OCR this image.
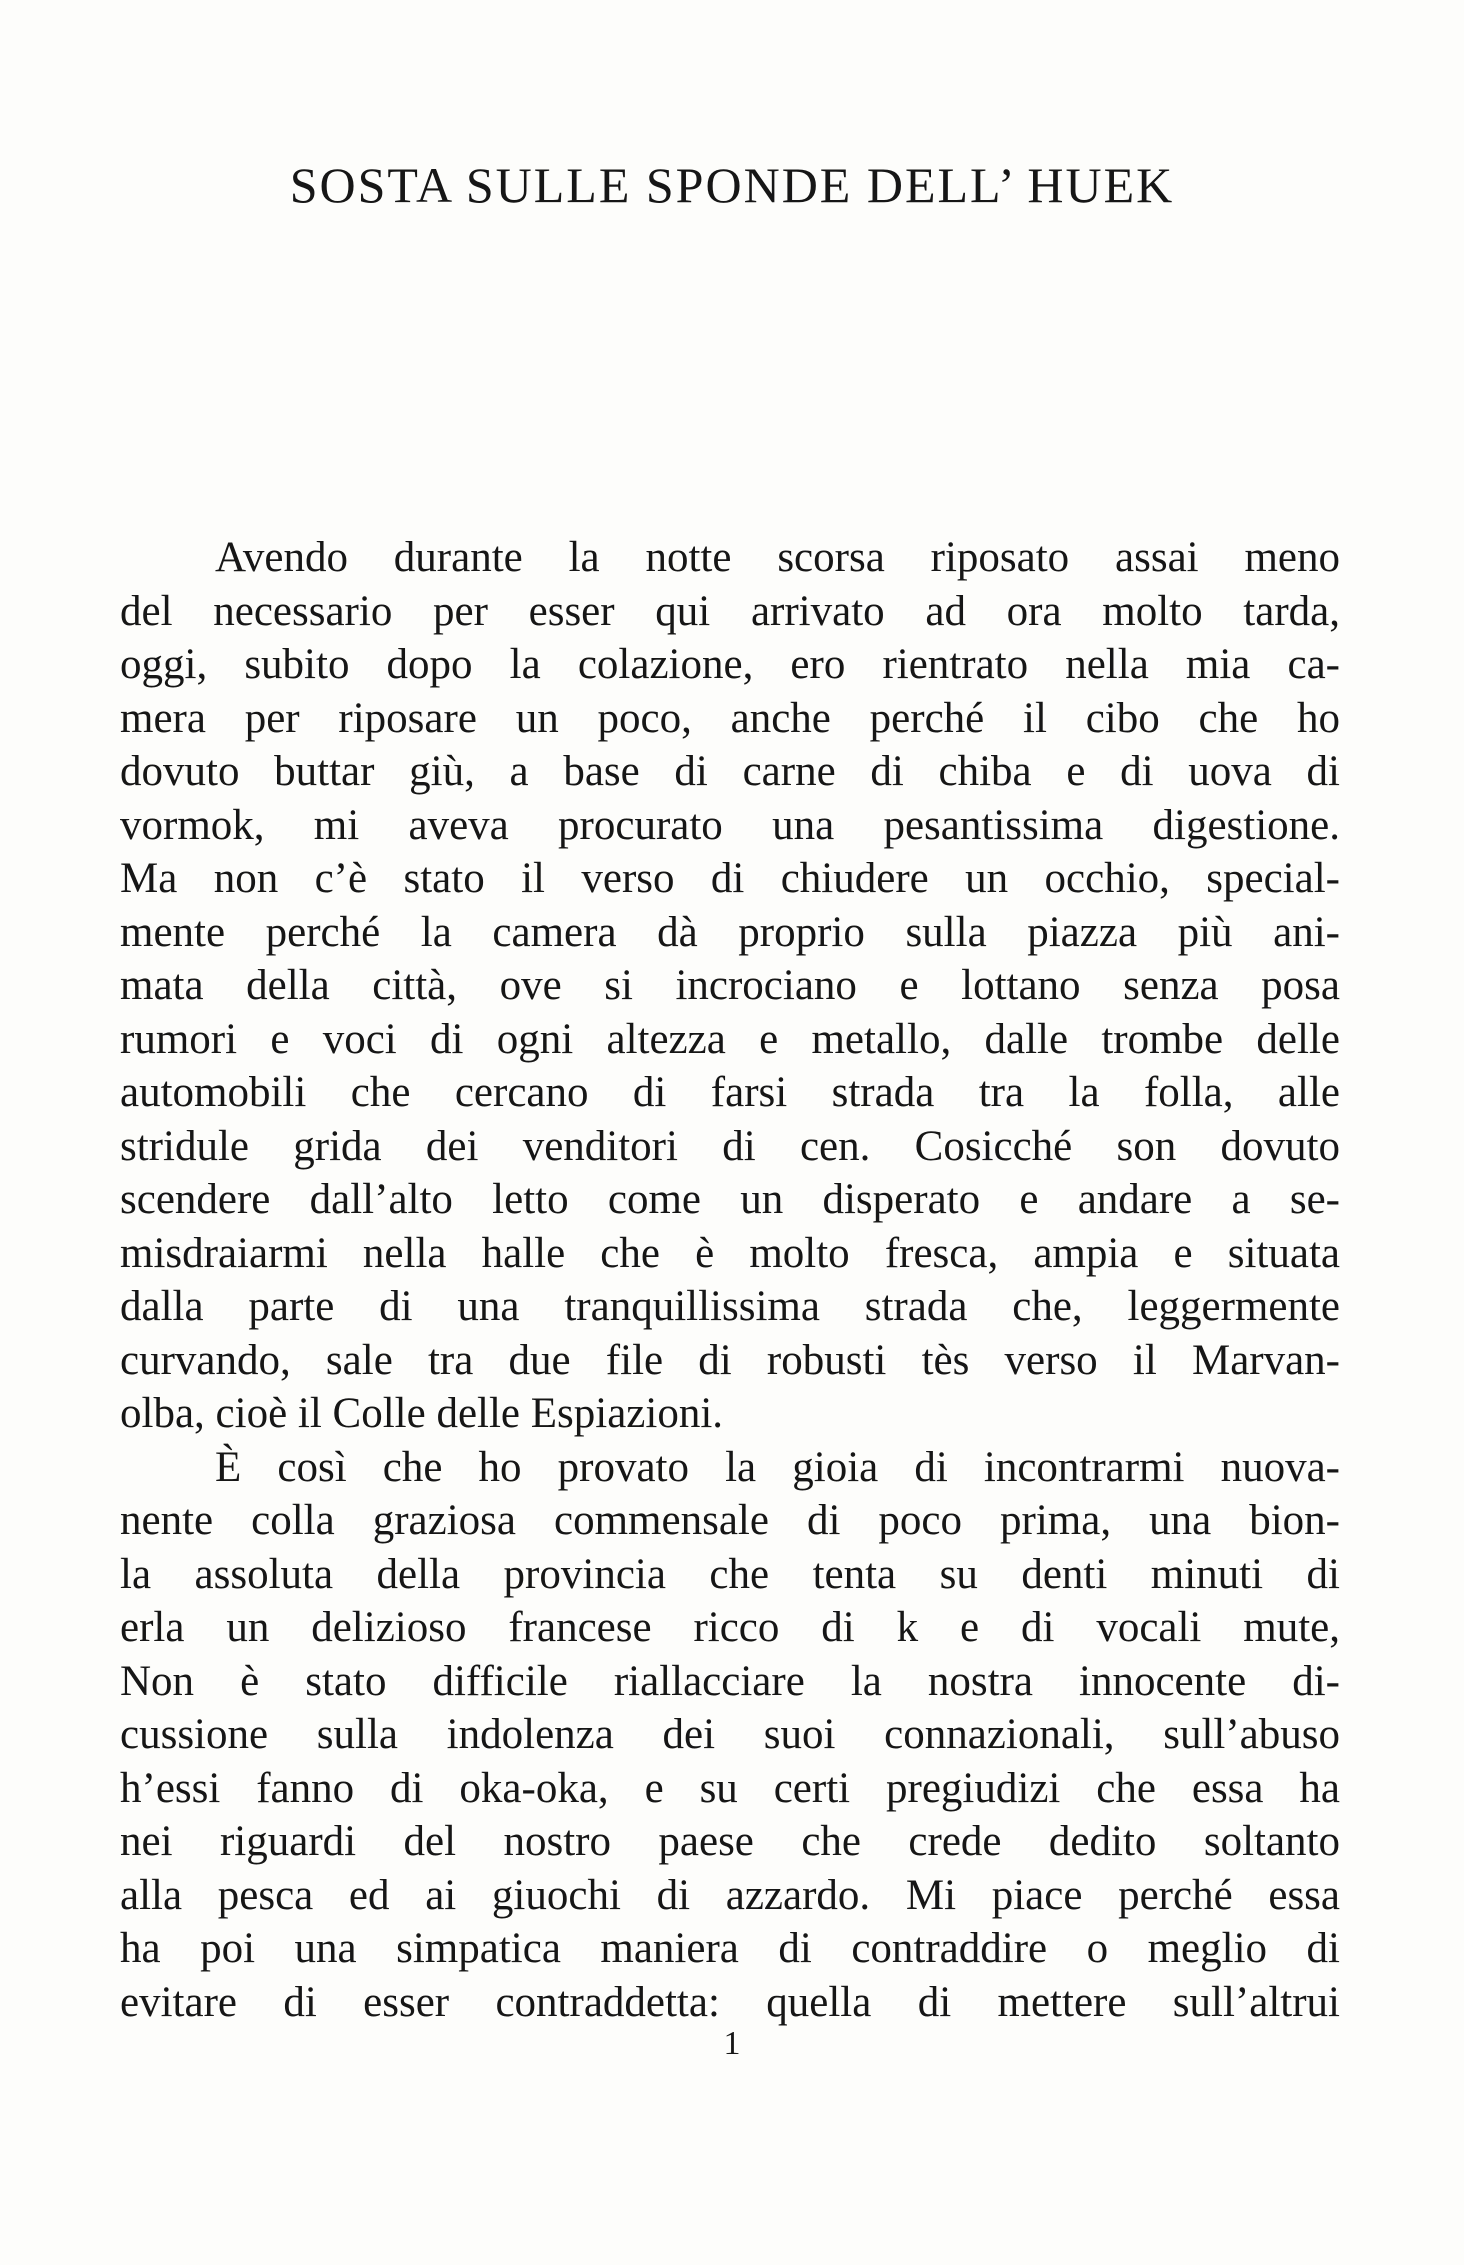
SOSTA SULLE SPONDE DELL’ HUEK
Avendo durante la notte scorsa riposato assai meno
del necessario per esser qui arrivato ad ora molto tarda,
oggi, subito dopo la colazione, ero rientrato nella mia ca-
mera per riposare un poco, anche perché il cibo che ho
dovuto buttar giù, a base di carne di chiba e di uova di
vormok, mi aveva procurato una pesantissima digestione.
Ma non c’è stato il verso di chiudere un occhio, special-
mente perché la camera dà proprio sulla piazza più ani-
mata della città, ove si incrociano e lottano senza posa
rumori e voci di ogni altezza e metallo, dalle trombe delle
automobili che cercano di farsi strada tra la folla, alle
stridule grida dei venditori di cen. Cosicché son dovuto
scendere dall’alto letto come un disperato e andare a se-
misdraiarmi nella halle che è molto fresca, ampia e situata
dalla parte di una tranquillissima strada che, leggermente
curvando, sale tra due file di robusti tès verso il Marvan-
olba, cioè il Colle delle Espiazioni.
È così che ho provato la gioia di incontrarmi nuova-
nente colla graziosa commensale di poco prima, una bion-
la assoluta della provincia che tenta su denti minuti di
erla un delizioso francese ricco di k e di vocali mute,
Non è stato difficile riallacciare la nostra innocente di-
cussione sulla indolenza dei suoi connazionali, sull’abuso
h’essi fanno di oka-oka, e su certi pregiudizi che essa ha
nei riguardi del nostro paese che crede dedito soltanto
alla pesca ed ai giuochi di azzardo. Mi piace perché essa
ha poi una simpatica maniera di contraddire o meglio di
evitare di esser contraddetta: quella di mettere sull’altrui
1
